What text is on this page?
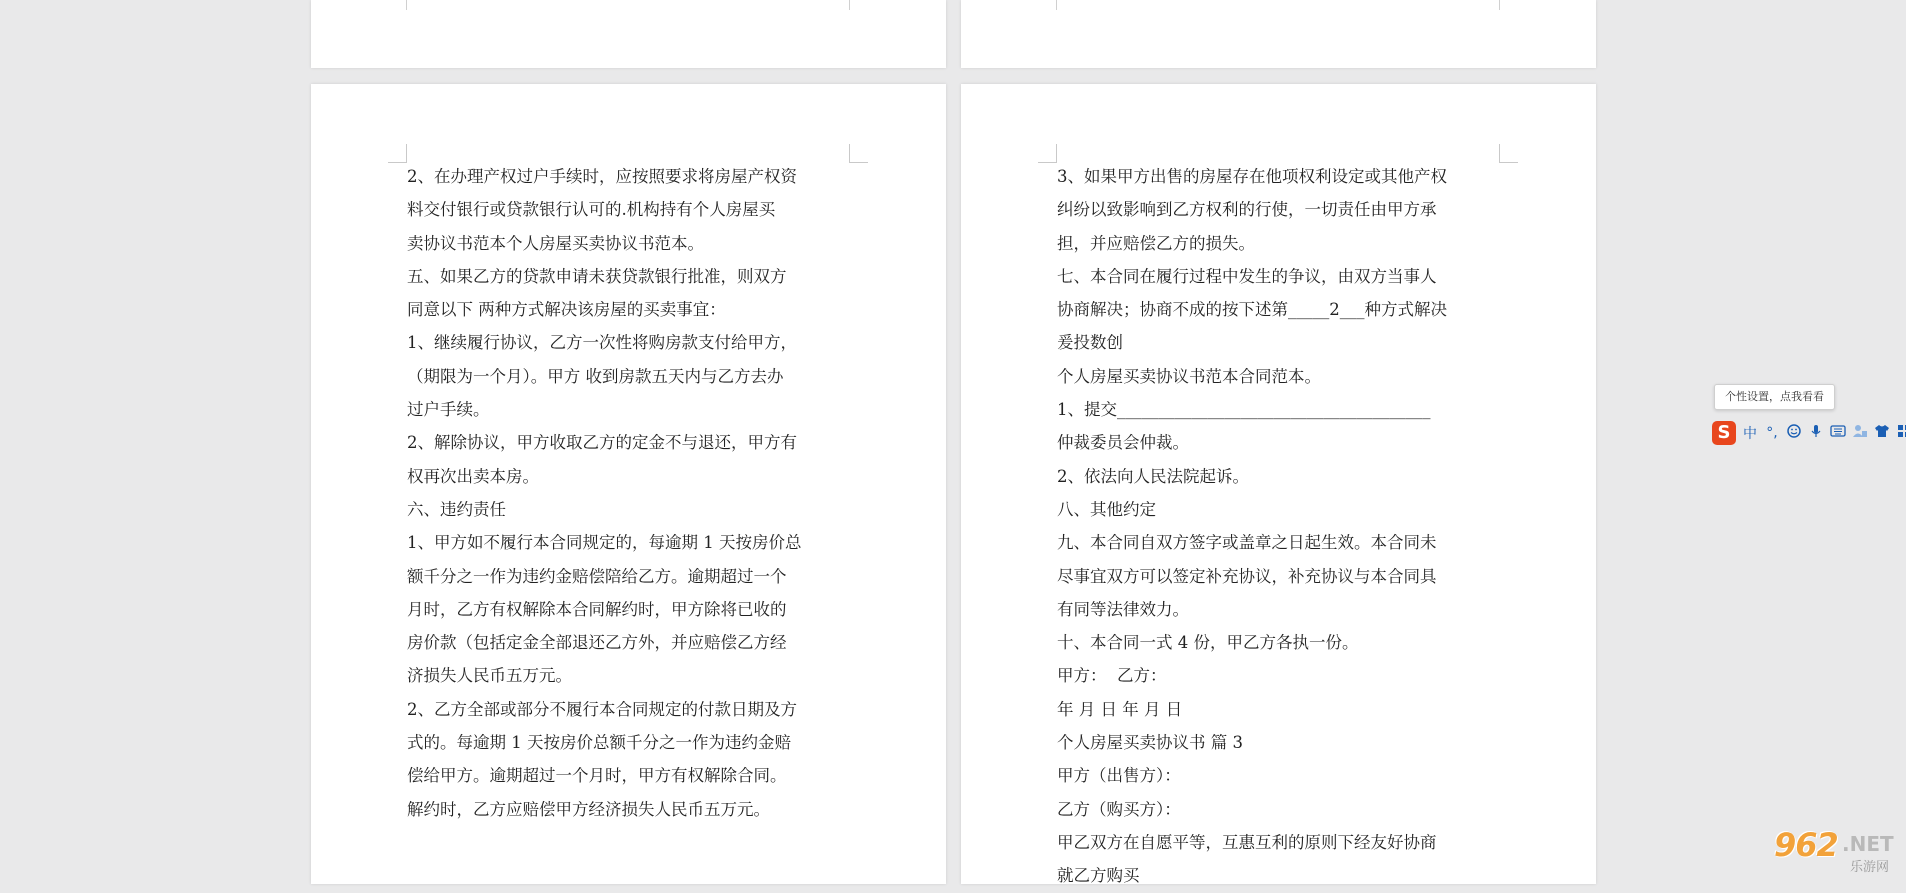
2、在办理产权过户手续时，应按照要求将房屋产权资
料交付银行或贷款银行认可的.机构持有个人房屋买
卖协议书范本个人房屋买卖协议书范本。
五、如果乙方的贷款申请未获贷款银行批准，则双方
同意以下 两种方式解决该房屋的买卖事宜：
1、继续履行协议，乙方一次性将购房款支付给甲方，
（期限为一个月）。甲方 收到房款五天内与乙方去办
过户手续。
2、解除协议，甲方收取乙方的定金不与退还，甲方有
权再次出卖本房。
六、违约责任
1、甲方如不履行本合同规定的，每逾期 1 天按房价总
额千分之一作为违约金赔偿陪给乙方。逾期超过一个
月时，乙方有权解除本合同解约时，甲方除将已收的
房价款（包括定金全部退还乙方外，并应赔偿乙方经
济损失人民币五万元。
2、乙方全部或部分不履行本合同规定的付款日期及方
式的。每逾期 1 天按房价总额千分之一作为违约金赔
偿给甲方。逾期超过一个月时，甲方有权解除合同。
解约时，乙方应赔偿甲方经济损失人民币五万元。
3、如果甲方出售的房屋存在他项权利设定或其他产权
纠纷以致影响到乙方权利的行使，一切责任由甲方承
担，并应赔偿乙方的损失。
七、本合同在履行过程中发生的争议，由双方当事人
协商解决；协商不成的按下述第_____2___种方式解决
爰投数创
个人房屋买卖协议书范本合同范本。
1、提交______________________________________
仲裁委员会仲裁。
2、依法向人民法院起诉。
八、其他约定
九、本合同自双方签字或盖章之日起生效。本合同未
尽事宜双方可以签定补充协议，补充协议与本合同具
有同等法律效力。
十、本合同一式 4 份，甲乙方各执一份。
甲方：  乙方：
年 月 日 年 月 日
个人房屋买卖协议书 篇 3
甲方（出售方）：
乙方（购买方）：
甲乙双方在自愿平等，互惠互利的原则下经友好协商
就乙方购买
个性设置，点我看看
S 中 °,
962 .NET
乐游网
